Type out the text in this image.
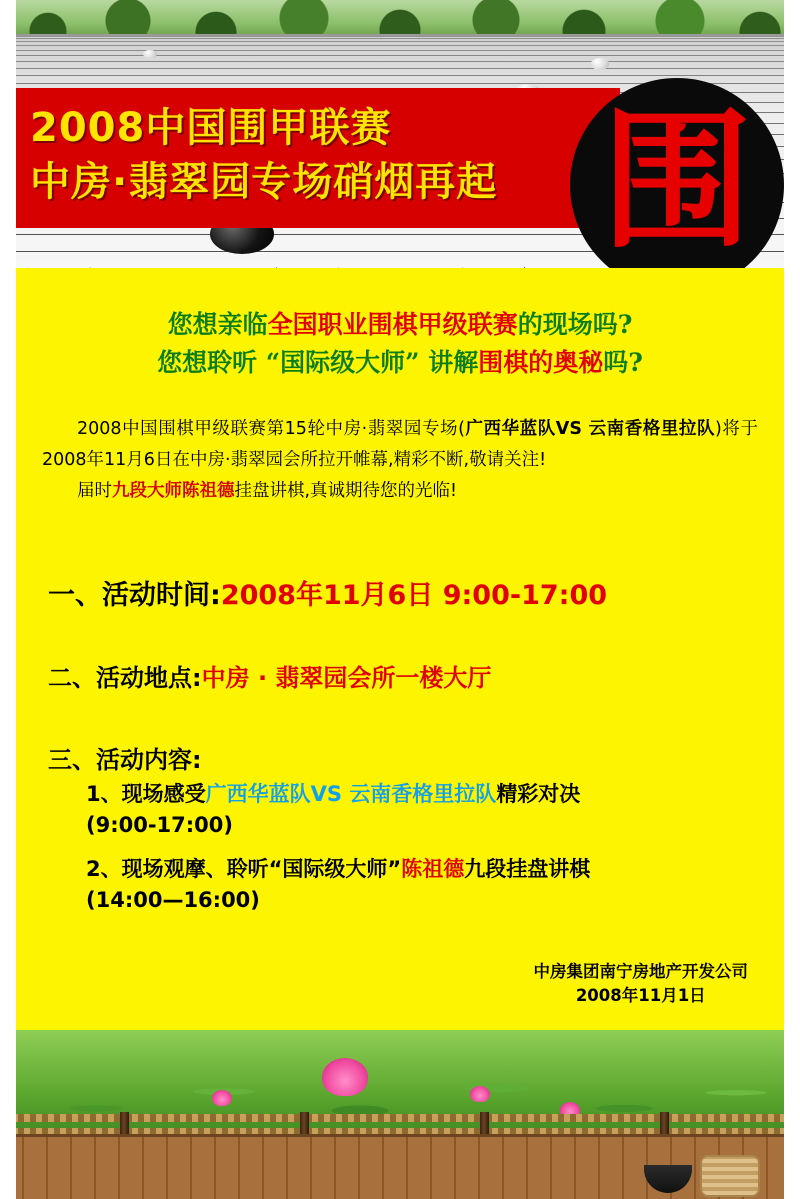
2008中国围甲联赛
中房·翡翠园专场硝烟再起 围
您想亲临全国职业围棋甲级联赛的现场吗?
您想聆听 “国际级大师” 讲解围棋的奥秘吗?
2008中国围棋甲级联赛第15轮中房·翡翠园专场(广西华蓝队VS 云南香格里拉队)将于2008年11月6日在中房·翡翠园会所拉开帷幕,精彩不断,敬请关注!
届时九段大师陈祖德挂盘讲棋,真诚期待您的光临!
一、活动时间:2008年11月6日 9:00-17:00
二、活动地点:中房 · 翡翠园会所一楼大厅
三、活动内容:
1、现场感受广西华蓝队VS 云南香格里拉队精彩对决
(9:00-17:00)
2、现场观摩、聆听“国际级大师”陈祖德九段挂盘讲棋
(14:00—16:00)
中房集团南宁房地产开发公司
2008年11月1日
